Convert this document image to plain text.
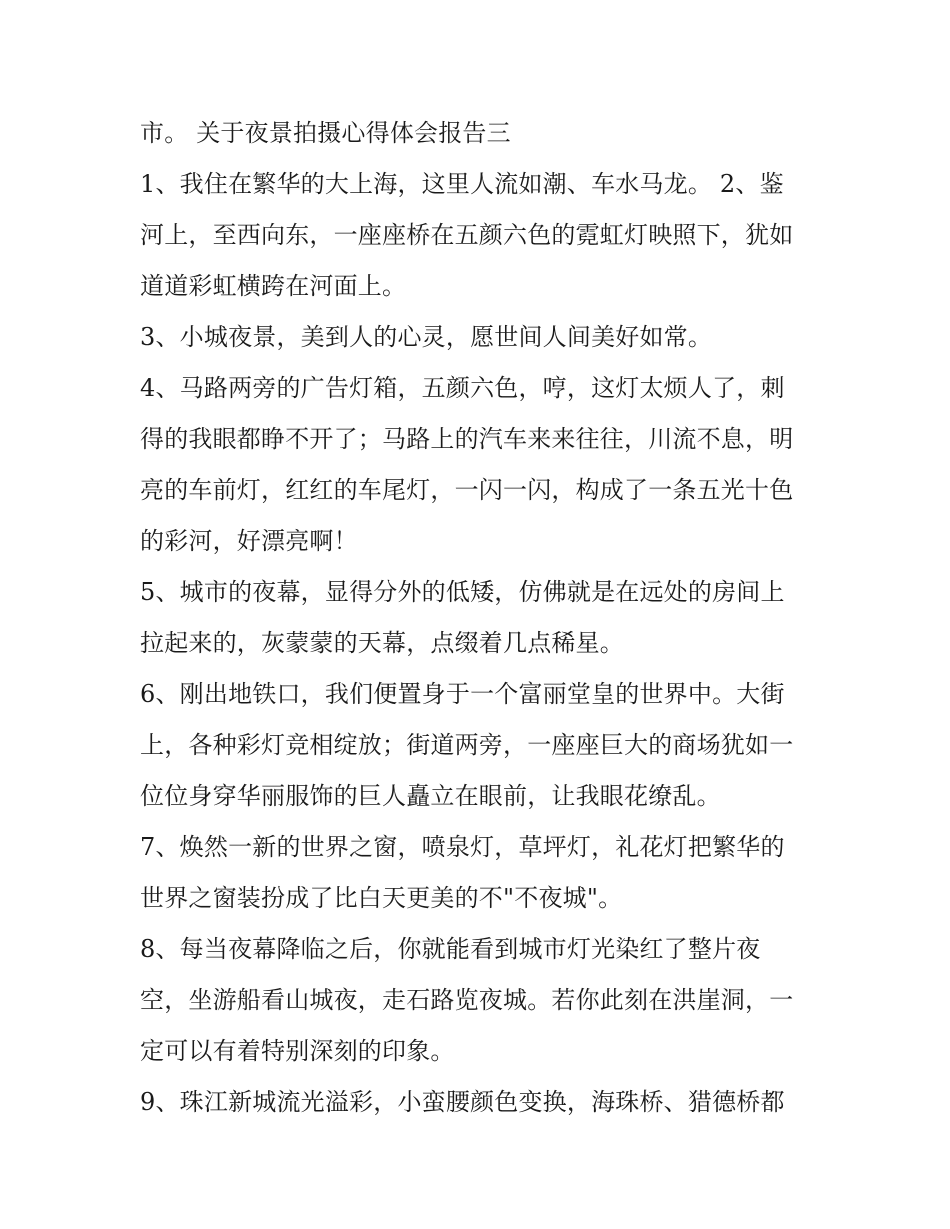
市。 关于夜景拍摄心得体会报告三
1、我住在繁华的大上海，这里人流如潮、车水马龙。 2、鉴
河上，至西向东，一座座桥在五颜六色的霓虹灯映照下，犹如
道道彩虹横跨在河面上。
3、小城夜景，美到人的心灵，愿世间人间美好如常。
4、马路两旁的广告灯箱，五颜六色，哼，这灯太烦人了，刺
得的我眼都睁不开了；马路上的汽车来来往往，川流不息，明
亮的车前灯，红红的车尾灯，一闪一闪，构成了一条五光十色
的彩河，好漂亮啊！
5、城市的夜幕，显得分外的低矮，仿佛就是在远处的房间上
拉起来的，灰蒙蒙的天幕，点缀着几点稀星。
6、刚出地铁口，我们便置身于一个富丽堂皇的世界中。大街
上，各种彩灯竞相绽放；街道两旁，一座座巨大的商场犹如一
位位身穿华丽服饰的巨人矗立在眼前，让我眼花缭乱。
7、焕然一新的世界之窗，喷泉灯，草坪灯，礼花灯把繁华的
世界之窗装扮成了比白天更美的不"不夜城"。
8、每当夜幕降临之后，你就能看到城市灯光染红了整片夜
空，坐游船看山城夜，走石路览夜城。若你此刻在洪崖洞，一
定可以有着特别深刻的印象。
9、珠江新城流光溢彩，小蛮腰颜色变换，海珠桥、猎德桥都
